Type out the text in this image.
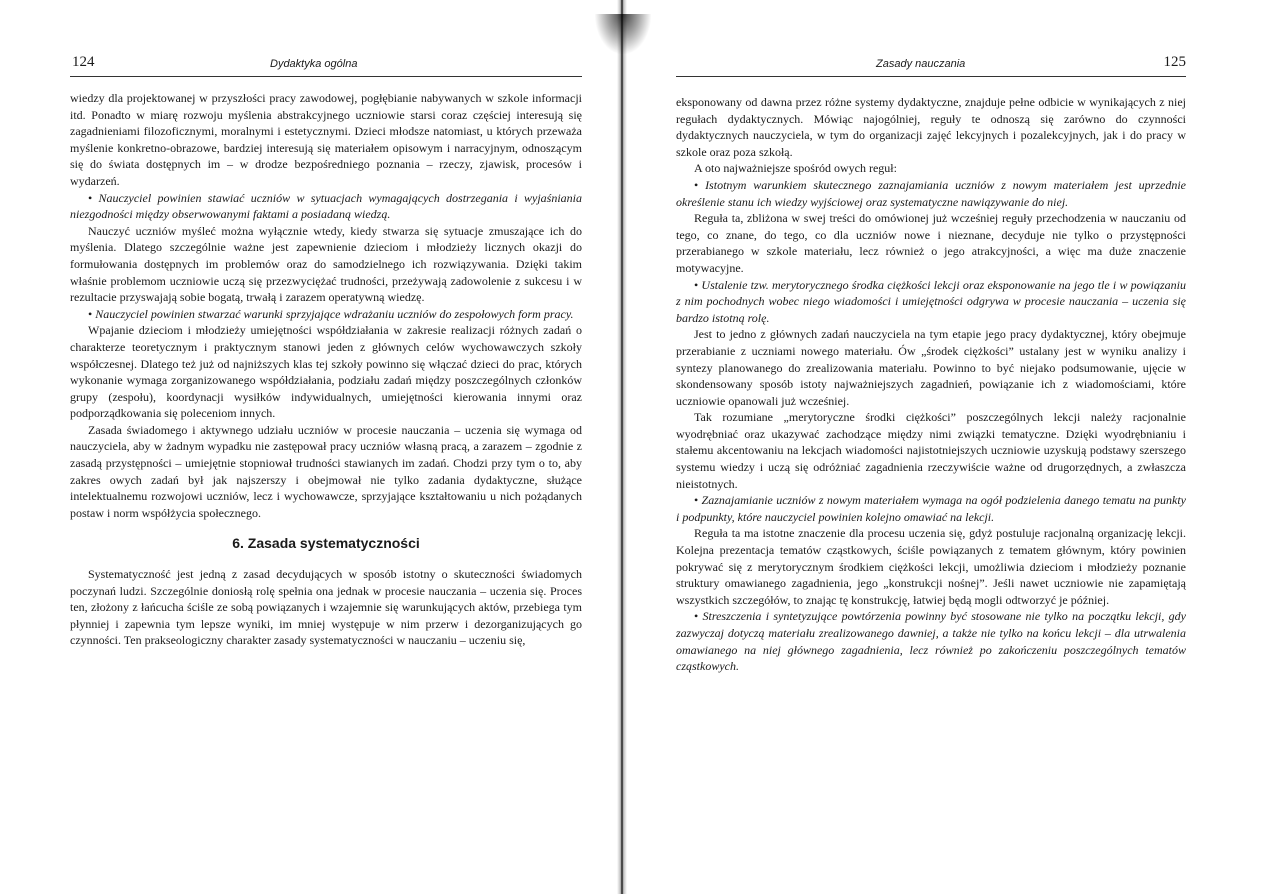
124	Dydaktyka ogólna

wiedzy dla projektowanej w przyszłości pracy zawodowej, pogłębianie nabywanych w szkole informacji itd. Ponadto w miarę rozwoju myślenia abstrakcyjnego uczniowie starsi coraz częściej interesują się zagadnieniami filozoficznymi, moralnymi i estetycznymi. Dzieci młodsze natomiast, u których przeważa myślenie konkretno-obrazowe, bardziej interesują się materiałem opisowym i narracyjnym, odnoszącym się do świata dostępnych im – w drodze bezpośredniego poznania – rzeczy, zjawisk, procesów i wydarzeń.

• Nauczyciel powinien stawiać uczniów w sytuacjach wymagających dostrzegania i wyjaśniania niezgodności między obserwowanymi faktami a posiadaną wiedzą.

Nauczyć uczniów myśleć można wyłącznie wtedy, kiedy stwarza się sytuacje zmuszające ich do myślenia. Dlatego szczególnie ważne jest zapewnienie dzieciom i młodzieży licznych okazji do formułowania dostępnych im problemów oraz do samodzielnego ich rozwiązywania. Dzięki takim właśnie problemom uczniowie uczą się przezwyciężać trudności, przeżywają zadowolenie z sukcesu i w rezultacie przyswajają sobie bogatą, trwałą i zarazem operatywną wiedzę.

• Nauczyciel powinien stwarzać warunki sprzyjające wdrażaniu uczniów do zespołowych form pracy.

Wpajanie dzieciom i młodzieży umiejętności współdziałania w zakresie realizacji różnych zadań o charakterze teoretycznym i praktycznym stanowi jeden z głównych celów wychowawczych szkoły współczesnej. Dlatego też już od najniższych klas tej szkoły powinno się włączać dzieci do prac, których wykonanie wymaga zorganizowanego współdziałania, podziału zadań między poszczególnych członków grupy (zespołu), koordynacji wysiłków indywidualnych, umiejętności kierowania innymi oraz podporządkowania się poleceniom innych.

Zasada świadomego i aktywnego udziału uczniów w procesie nauczania – uczenia się wymaga od nauczyciela, aby w żadnym wypadku nie zastępował pracy uczniów własną pracą, a zarazem – zgodnie z zasadą przystępności – umiejętnie stopniował trudności stawianych im zadań. Chodzi przy tym o to, aby zakres owych zadań był jak najszerszy i obejmował nie tylko zadania dydaktyczne, służące intelektualnemu rozwojowi uczniów, lecz i wychowawcze, sprzyjające kształtowaniu u nich pożądanych postaw i norm współżycia społecznego.

6. Zasada systematyczności

Systematyczność jest jedną z zasad decydujących w sposób istotny o skuteczności świadomych poczynań ludzi. Szczególnie doniosłą rolę spełnia ona jednak w procesie nauczania – uczenia się. Proces ten, złożony z łańcucha ściśle ze sobą powiązanych i wzajemnie się warunkujących aktów, przebiega tym płynniej i zapewnia tym lepsze wyniki, im mniej występuje w nim przerw i dezorganizujących go czynności. Ten prakseologiczny charakter zasady systematyczności w nauczaniu – uczeniu się,

Zasady nauczania	125

eksponowany od dawna przez różne systemy dydaktyczne, znajduje pełne odbicie w wynikających z niej regułach dydaktycznych. Mówiąc najogólniej, reguły te odnoszą się zarówno do czynności dydaktycznych nauczyciela, w tym do organizacji zajęć lekcyjnych i pozalekcyjnych, jak i do pracy w szkole oraz poza szkołą.

A oto najważniejsze spośród owych reguł:

• Istotnym warunkiem skutecznego zaznajamiania uczniów z nowym materiałem jest uprzednie określenie stanu ich wiedzy wyjściowej oraz systematyczne nawiązywanie do niej.

Reguła ta, zbliżona w swej treści do omówionej już wcześniej reguły przechodzenia w nauczaniu od tego, co znane, do tego, co dla uczniów nowe i nieznane, decyduje nie tylko o przystępności przerabianego w szkole materiału, lecz również o jego atrakcyjności, a więc ma duże znaczenie motywacyjne.

• Ustalenie tzw. merytorycznego środka ciężkości lekcji oraz eksponowanie na jego tle i w powiązaniu z nim pochodnych wobec niego wiadomości i umiejętności odgrywa w procesie nauczania – uczenia się bardzo istotną rolę.

Jest to jedno z głównych zadań nauczyciela na tym etapie jego pracy dydaktycznej, który obejmuje przerabianie z uczniami nowego materiału. Ów „środek ciężkości” ustalany jest w wyniku analizy i syntezy planowanego do zrealizowania materiału. Powinno to być niejako podsumowanie, ujęcie w skondensowany sposób istoty najważniejszych zagadnień, powiązanie ich z wiadomościami, które uczniowie opanowali już wcześniej.

Tak rozumiane „merytoryczne środki ciężkości” poszczególnych lekcji należy racjonalnie wyodrębniać oraz ukazywać zachodzące między nimi związki tematyczne. Dzięki wyodrębnianiu i stałemu akcentowaniu na lekcjach wiadomości najistotniejszych uczniowie uzyskują podstawy szerszego systemu wiedzy i uczą się odróżniać zagadnienia rzeczywiście ważne od drugorzędnych, a zwłaszcza nieistotnych.

• Zaznajamianie uczniów z nowym materiałem wymaga na ogół podzielenia danego tematu na punkty i podpunkty, które nauczyciel powinien kolejno omawiać na lekcji.

Reguła ta ma istotne znaczenie dla procesu uczenia się, gdyż postuluje racjonalną organizację lekcji. Kolejna prezentacja tematów cząstkowych, ściśle powiązanych z tematem głównym, który powinien pokrywać się z merytorycznym środkiem ciężkości lekcji, umożliwia dzieciom i młodzieży poznanie struktury omawianego zagadnienia, jego „konstrukcji nośnej”. Jeśli nawet uczniowie nie zapamiętają wszystkich szczegółów, to znając tę konstrukcję, łatwiej będą mogli odtworzyć je później.

• Streszczenia i syntetyzujące powtórzenia powinny być stosowane nie tylko na początku lekcji, gdy zazwyczaj dotyczą materiału zrealizowanego dawniej, a także nie tylko na końcu lekcji – dla utrwalenia omawianego na niej głównego zagadnienia, lecz również po zakończeniu poszczególnych tematów cząstkowych.
